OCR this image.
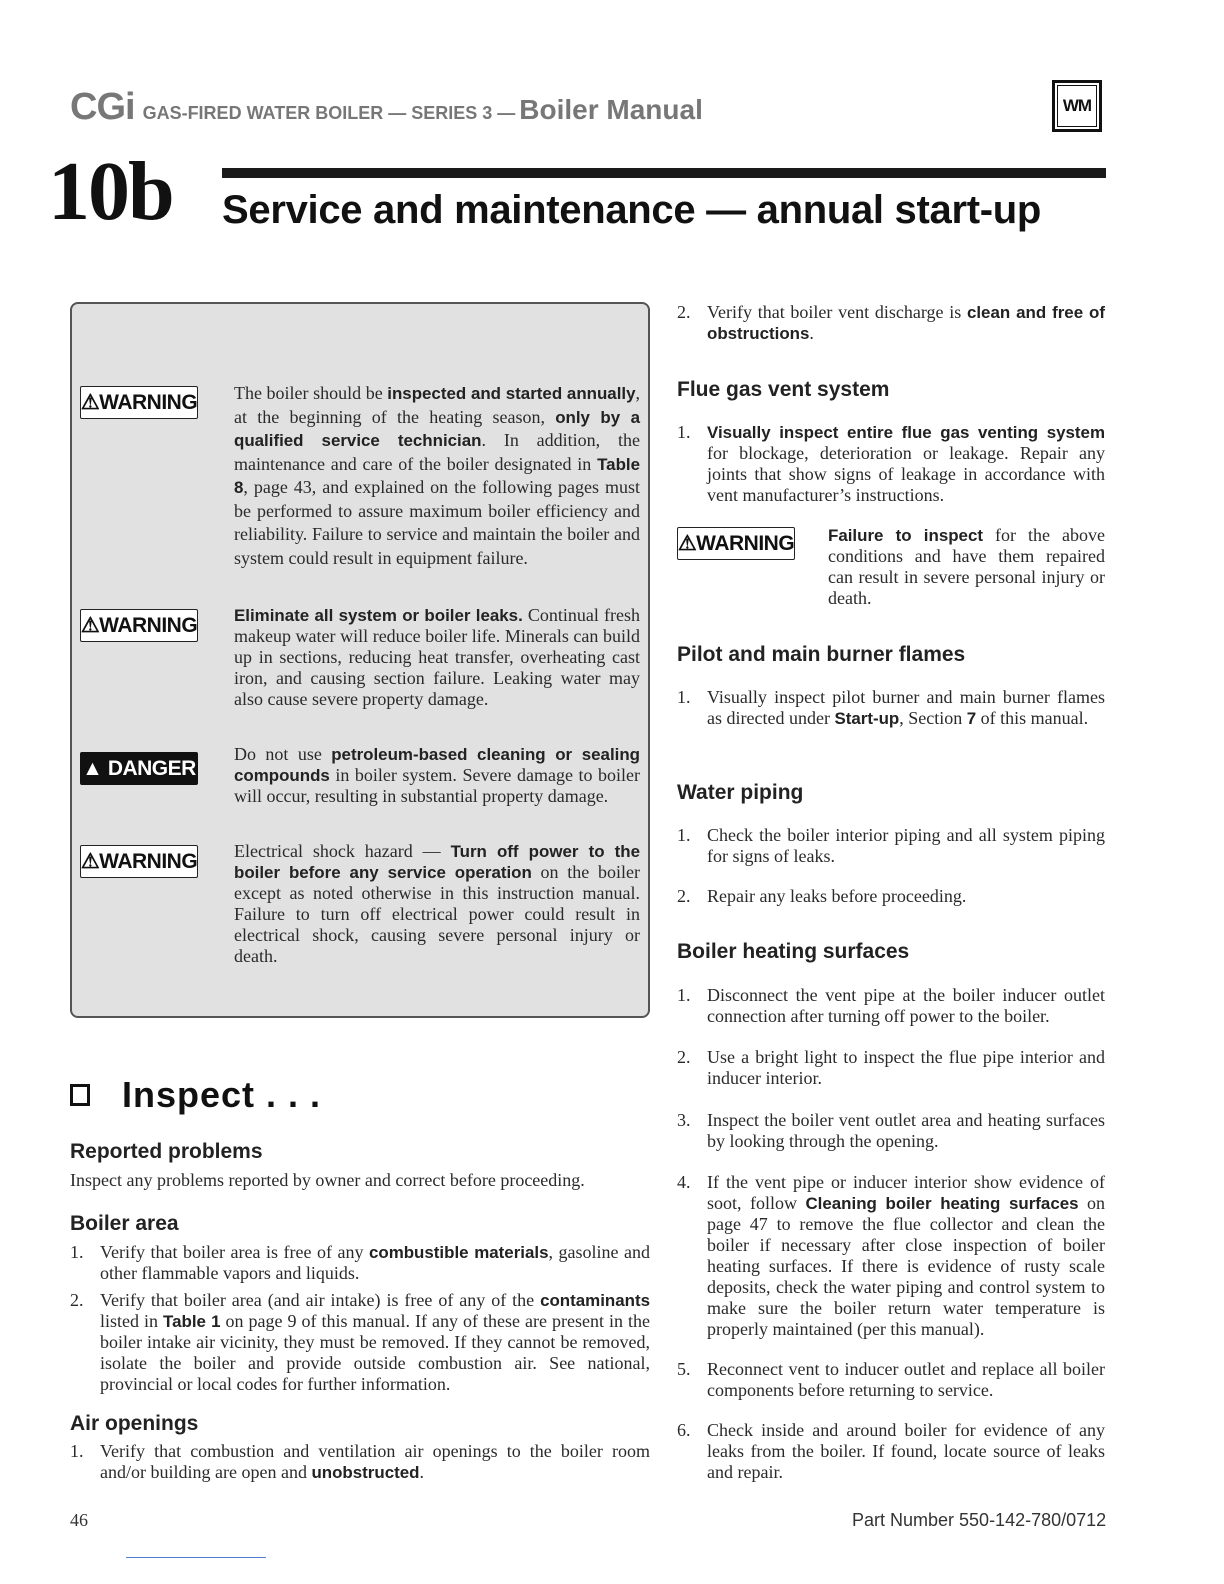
CGi GAS-FIRED WATER BOILER — SERIES 3 — Boiler Manual	WM
10b Service and maintenance — annual start-up
⚠ WARNING The boiler should be inspected and started annually, at the beginning of the heating season, only by a qualified service technician. In addition, the maintenance and care of the boiler designated in Table 8, page 43, and explained on the following pages must be performed to assure maximum boiler efficiency and reliability. Failure to service and maintain the boiler and system could result in equipment failure.
⚠ WARNING Eliminate all system or boiler leaks. Continual fresh makeup water will reduce boiler life. Minerals can build up in sections, reducing heat transfer, overheating cast iron, and causing section failure. Leaking water may also cause severe property damage.
▲
DANGER
Do not use petroleum-based cleaning or sealing compounds in boiler system. Severe damage to boiler will occur, resulting in substantial property damage.
⚠ WARNING Electrical shock hazard — Turn off power to the boiler before any service operation on the boiler except as noted otherwise in this instruction manual. Failure to turn off electrical power could result in electrical shock, causing severe personal injury or death.
Inspect . . .
Reported problems
Inspect any problems reported by owner and correct before proceeding.
Boiler area
1. Verify that boiler area is free of any combustible materials, gasoline and other flammable vapors and liquids.
2. Verify that boiler area (and air intake) is free of any of the contaminants listed in Table 1 on page 9 of this manual. If any of these are present in the boiler intake air vicinity, they must be removed. If they cannot be removed, isolate the boiler and provide outside combustion air. See national, provincial or local codes for further information.
Air openings
1. Verify that combustion and ventilation air openings to the boiler room and/or building are open and unobstructed.
2. Verify that boiler vent discharge is clean and free of obstructions.
Flue gas vent system
1. Visually inspect entire flue gas venting system for blockage, deterioration or leakage. Repair any joints that show signs of leakage in accordance with vent manufacturer’s instructions.
⚠ WARNING Failure to inspect for the above conditions and have them repaired can result in severe personal injury or death.
Pilot and main burner flames
1. Visually inspect pilot burner and main burner flames as directed under Start-up, Section 7 of this manual.
Water piping
1. Check the boiler interior piping and all system piping for signs of leaks.
2. Repair any leaks before proceeding.
Boiler heating surfaces
1. Disconnect the vent pipe at the boiler inducer outlet connection after turning off power to the boiler.
2. Use a bright light to inspect the flue pipe interior and inducer interior.
3. Inspect the boiler vent outlet area and heating surfaces by looking through the opening.
4. If the vent pipe or inducer interior show evidence of soot, follow Cleaning boiler heating surfaces on page 47 to remove the flue collector and clean the boiler if necessary after close inspection of boiler heating surfaces. If there is evidence of rusty scale deposits, check the water piping and control system to make sure the boiler return water temperature is properly maintained (per this manual).
5. Reconnect vent to inducer outlet and replace all boiler components before returning to service.
6. Check inside and around boiler for evidence of any leaks from the boiler. If found, locate source of leaks and repair.
46	Part Number 550-142-780/0712
